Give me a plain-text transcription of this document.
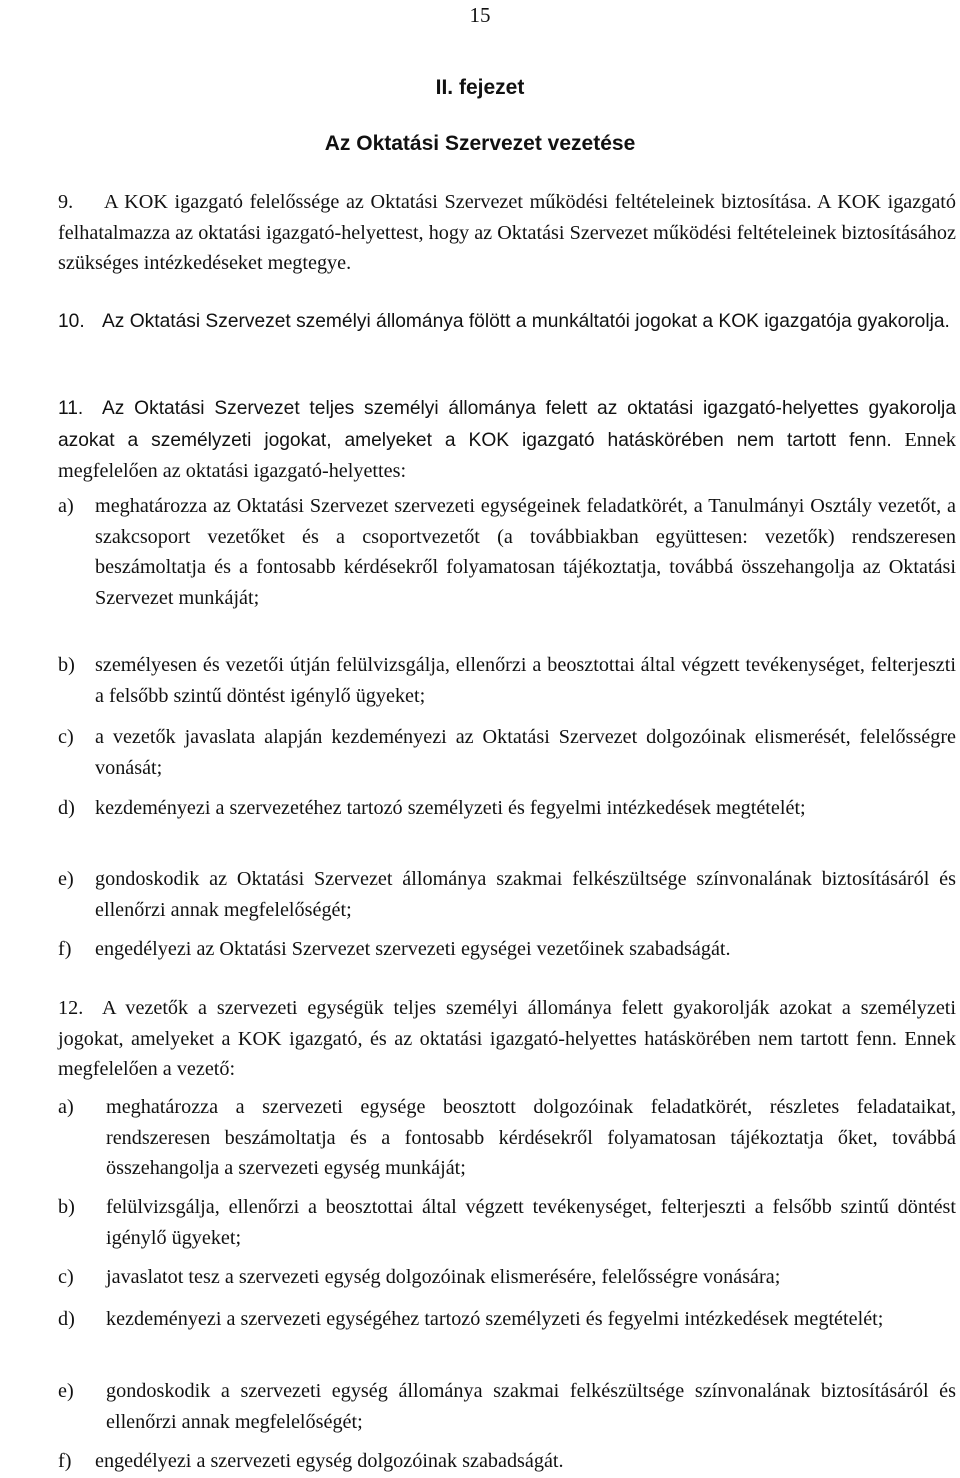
15
II. fejezet
Az Oktatási Szervezet vezetése
9. A KOK igazgató felelőssége az Oktatási Szervezet működési feltételeinek biztosítása. A KOK igazgató felhatalmazza az oktatási igazgató-helyettest, hogy az Oktatási Szervezet működési feltételeinek biztosításához szükséges intézkedéseket megtegye.
10. Az Oktatási Szervezet személyi állománya fölött a munkáltatói jogokat a KOK igazgatója gyakorolja.
11. Az Oktatási Szervezet teljes személyi állománya felett az oktatási igazgató-helyettes gyakorolja azokat a személyzeti jogokat, amelyeket a KOK igazgató hatáskörében nem tartott fenn. Ennek megfelelően az oktatási igazgató-helyettes:
a) meghatározza az Oktatási Szervezet szervezeti egységeinek feladatkörét, a Tanulmányi Osztály vezetőt, a szakcsoport vezetőket és a csoportvezetőt (a továbbiakban együttesen: vezetők) rendszeresen beszámoltatja és a fontosabb kérdésekről folyamatosan tájékoztatja, továbbá összehangolja az Oktatási Szervezet munkáját;
b) személyesen és vezetői útján felülvizsgálja, ellenőrzi a beosztottai által végzett tevékenységet, felterjeszti a felsőbb szintű döntést igénylő ügyeket;
c) a vezetők javaslata alapján kezdeményezi az Oktatási Szervezet dolgozóinak elismerését, felelősségre vonását;
d) kezdeményezi a szervezetéhez tartozó személyzeti és fegyelmi intézkedések megtételét;
e) gondoskodik az Oktatási Szervezet állománya szakmai felkészültsége színvonalának biztosításáról és ellenőrzi annak megfelelőségét;
f) engedélyezi az Oktatási Szervezet szervezeti egységei vezetőinek szabadságát.
12. A vezetők a szervezeti egységük teljes személyi állománya felett gyakorolják azokat a személyzeti jogokat, amelyeket a KOK igazgató, és az oktatási igazgató-helyettes hatáskörében nem tartott fenn. Ennek megfelelően a vezető:
a) meghatározza a szervezeti egysége beosztott dolgozóinak feladatkörét, részletes feladataikat, rendszeresen beszámoltatja és a fontosabb kérdésekről folyamatosan tájékoztatja őket, továbbá összehangolja a szervezeti egység munkáját;
b) felülvizsgálja, ellenőrzi a beosztottai által végzett tevékenységet, felterjeszti a felsőbb szintű döntést igénylő ügyeket;
c) javaslatot tesz a szervezeti egység dolgozóinak elismerésére, felelősségre vonására;
d) kezdeményezi a szervezeti egységéhez tartozó személyzeti és fegyelmi intézkedések megtételét;
e) gondoskodik a szervezeti egység állománya szakmai felkészültsége színvonalának biztosításáról és ellenőrzi annak megfelelőségét;
f) engedélyezi a szervezeti egység dolgozóinak szabadságát.
